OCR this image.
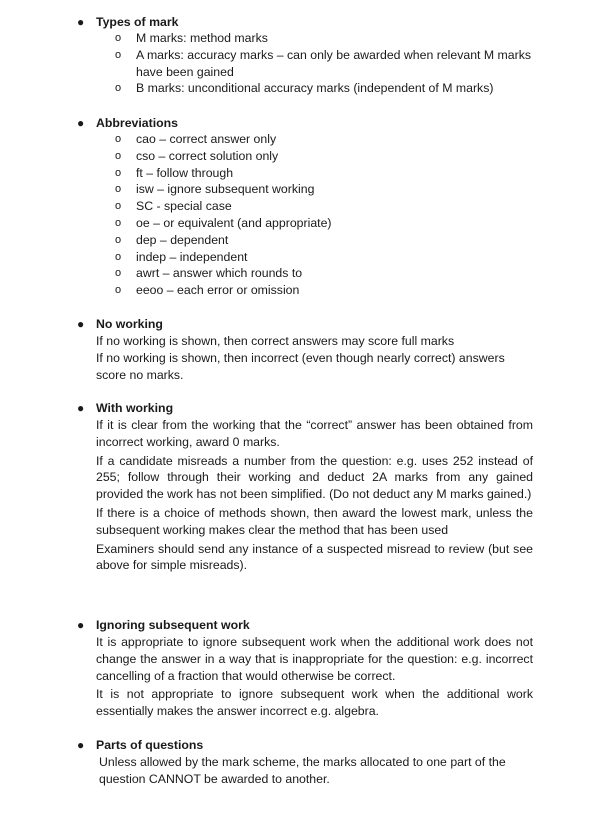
● Types of mark
o M marks: method marks
o A marks: accuracy marks – can only be awarded when relevant M marks have been gained
o B marks: unconditional accuracy marks (independent of M marks)
● Abbreviations
o cao – correct answer only
o cso – correct solution only
o ft – follow through
o isw – ignore subsequent working
o SC - special case
o oe – or equivalent (and appropriate)
o dep – dependent
o indep – independent
o awrt – answer which rounds to
o eeoo – each error or omission
● No working

If no working is shown, then correct answers may score full marks

If no working is shown, then incorrect (even though nearly correct) answers score no marks.

● With working

If it is clear from the working that the “correct” answer has been obtained from incorrect working, award 0 marks.

If a candidate misreads a number from the question: e.g. uses 252 instead of 255; follow through their working and deduct 2A marks from any gained provided the work has not been simplified. (Do not deduct any M marks gained.)

If there is a choice of methods shown, then award the lowest mark, unless the subsequent working makes clear the method that has been used

Examiners should send any instance of a suspected misread to review (but see above for simple misreads).

● Ignoring subsequent work

It is appropriate to ignore subsequent work when the additional work does not change the answer in a way that is inappropriate for the question: e.g. incorrect cancelling of a fraction that would otherwise be correct.

It is not appropriate to ignore subsequent work when the additional work essentially makes the answer incorrect e.g. algebra.

● Parts of questions

Unless allowed by the mark scheme, the marks allocated to one part of the question CANNOT be awarded to another.
